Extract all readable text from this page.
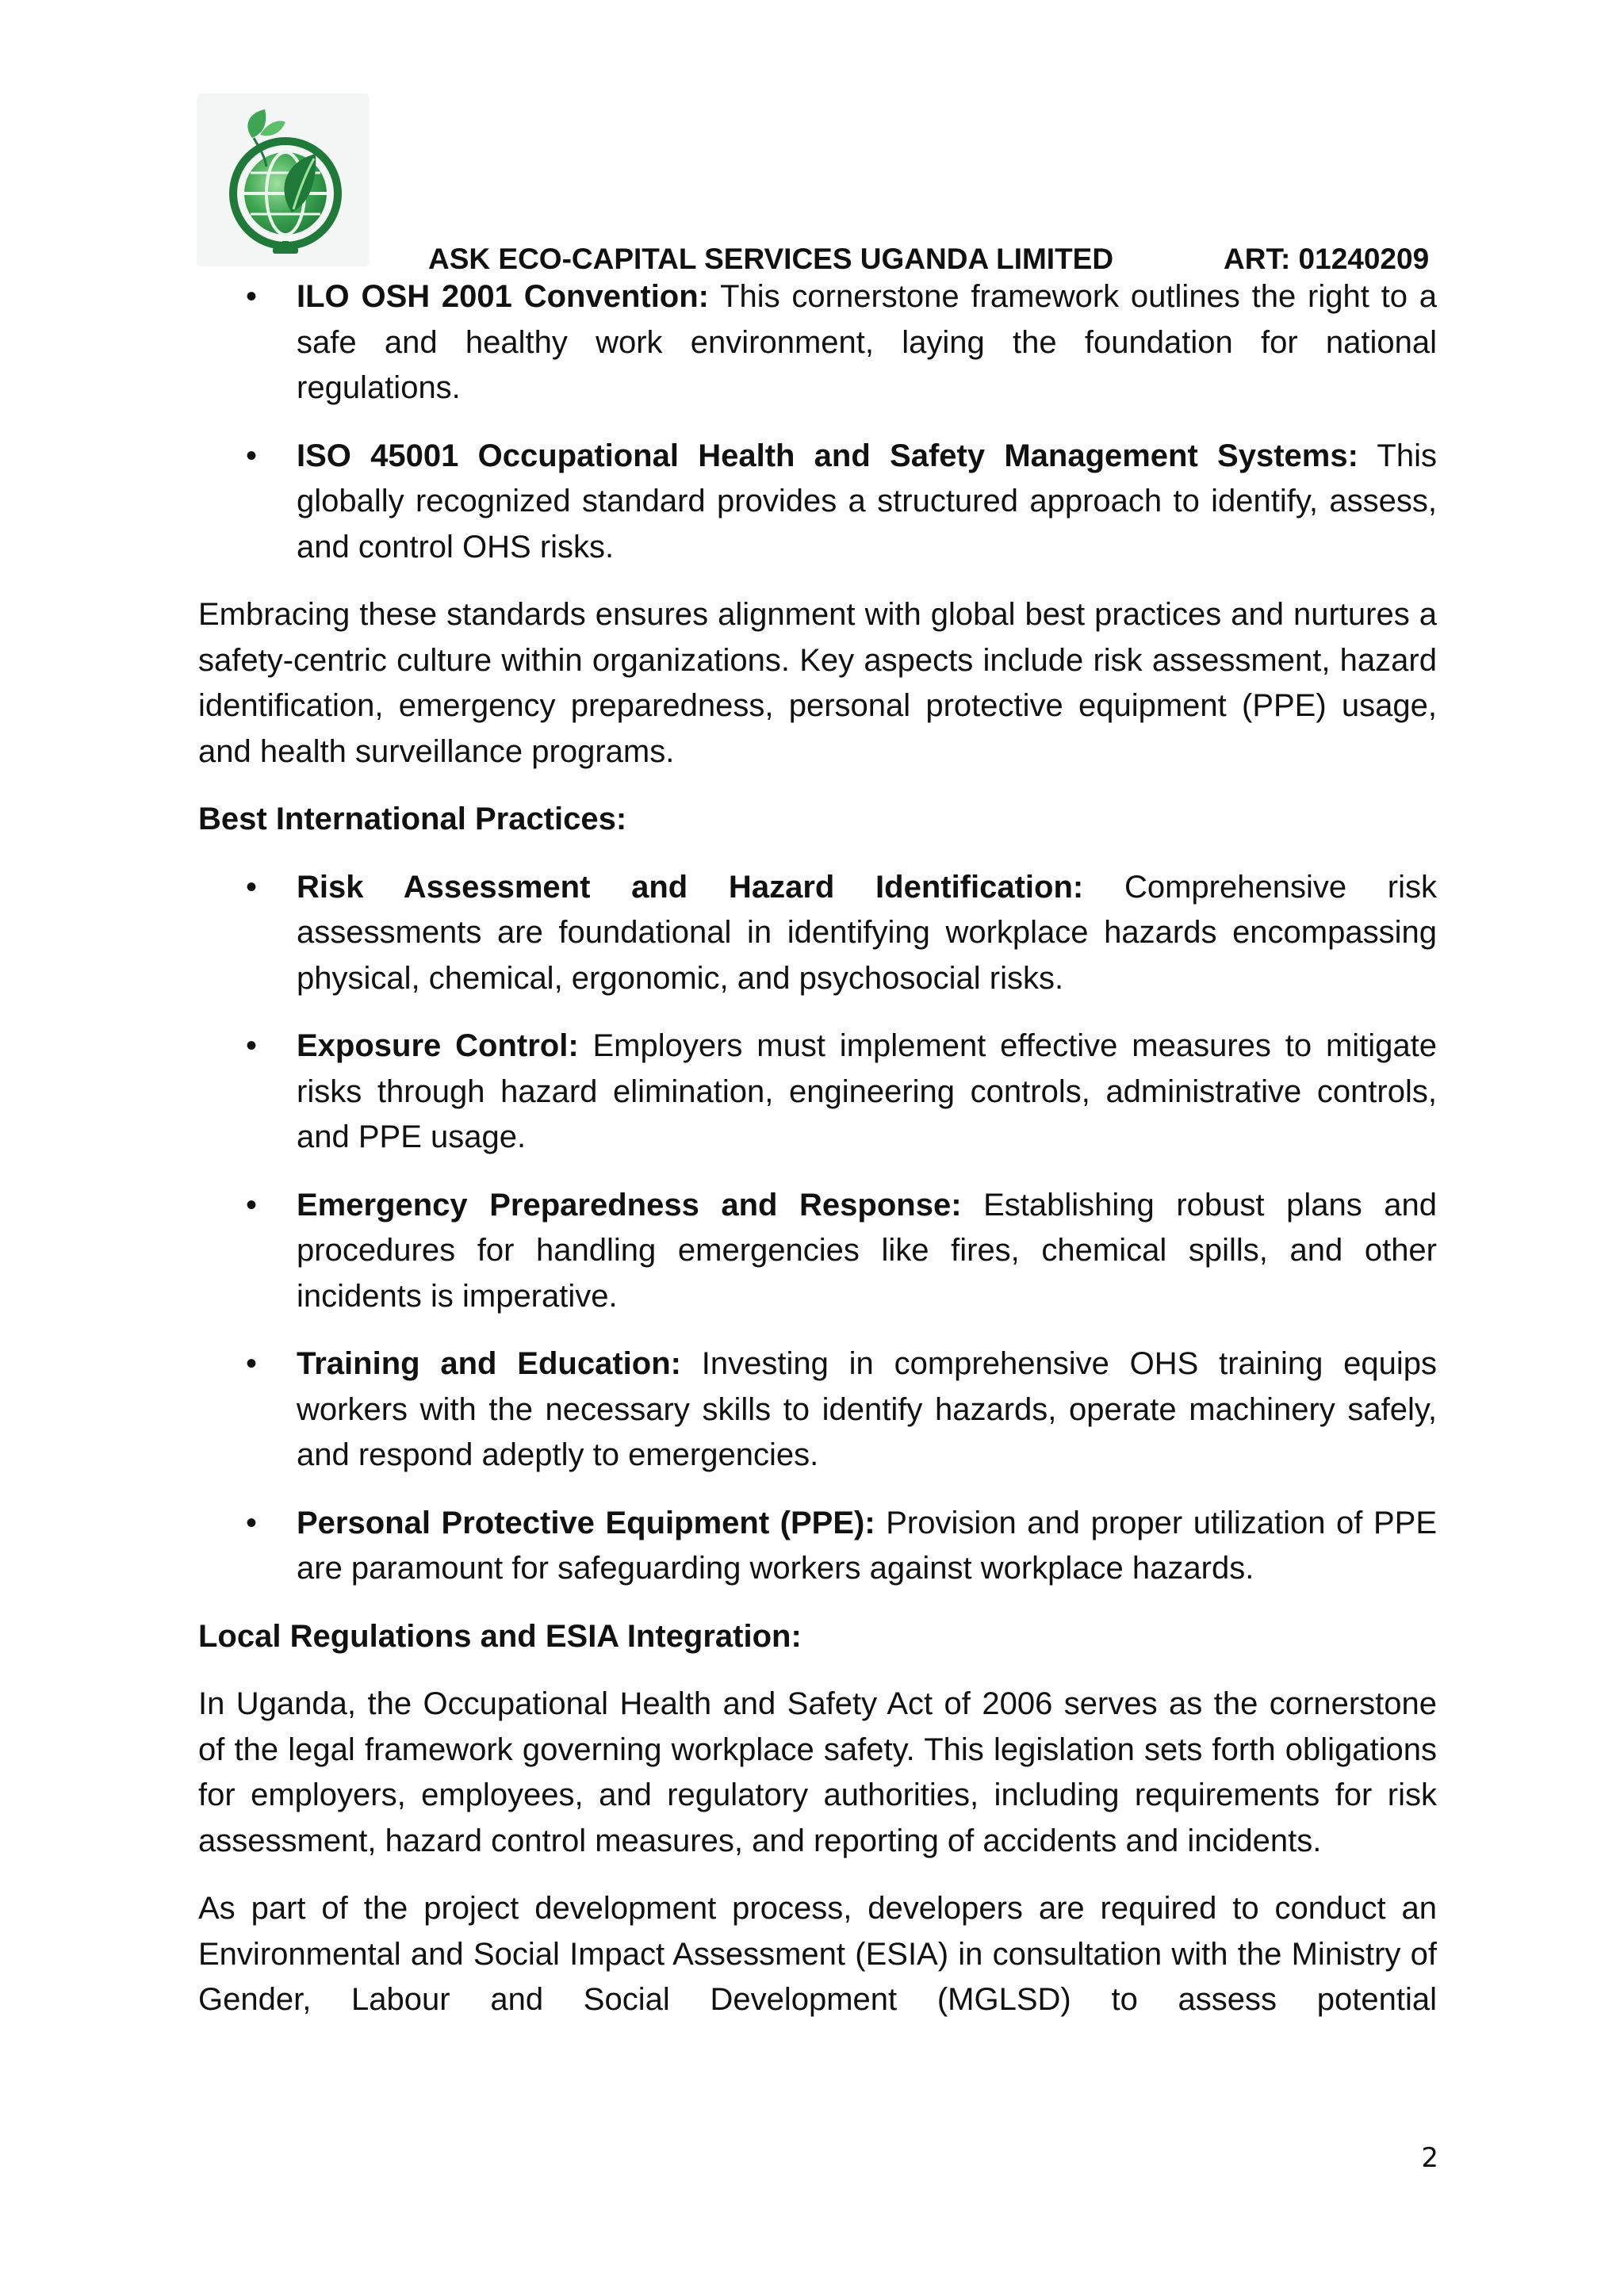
ASK ECO-CAPITAL SERVICES UGANDA LIMITED	ART: 01240209
• ILO OSH 2001 Convention: This cornerstone framework outlines the right to a safe and healthy work environment, laying the foundation for national regulations.
• ISO 45001 Occupational Health and Safety Management Systems: This globally recognized standard provides a structured approach to identify, assess, and control OHS risks.

Embracing these standards ensures alignment with global best practices and nurtures a safety-centric culture within organizations. Key aspects include risk assessment, hazard identification, emergency preparedness, personal protective equipment (PPE) usage, and health surveillance programs.

Best International Practices:

• Risk Assessment and Hazard Identification: Comprehensive risk assessments are foundational in identifying workplace hazards encompassing physical, chemical, ergonomic, and psychosocial risks.
• Exposure Control: Employers must implement effective measures to mitigate risks through hazard elimination, engineering controls, administrative controls, and PPE usage.
• Emergency Preparedness and Response: Establishing robust plans and procedures for handling emergencies like fires, chemical spills, and other incidents is imperative.
• Training and Education: Investing in comprehensive OHS training equips workers with the necessary skills to identify hazards, operate machinery safely, and respond adeptly to emergencies.
• Personal Protective Equipment (PPE): Provision and proper utilization of PPE are paramount for safeguarding workers against workplace hazards.

Local Regulations and ESIA Integration:

In Uganda, the Occupational Health and Safety Act of 2006 serves as the cornerstone of the legal framework governing workplace safety. This legislation sets forth obligations for employers, employees, and regulatory authorities, including requirements for risk assessment, hazard control measures, and reporting of accidents and incidents.

As part of the project development process, developers are required to conduct an Environmental and Social Impact Assessment (ESIA) in consultation with the Ministry of Gender, Labour and Social Development (MGLSD) to assess potential

2
